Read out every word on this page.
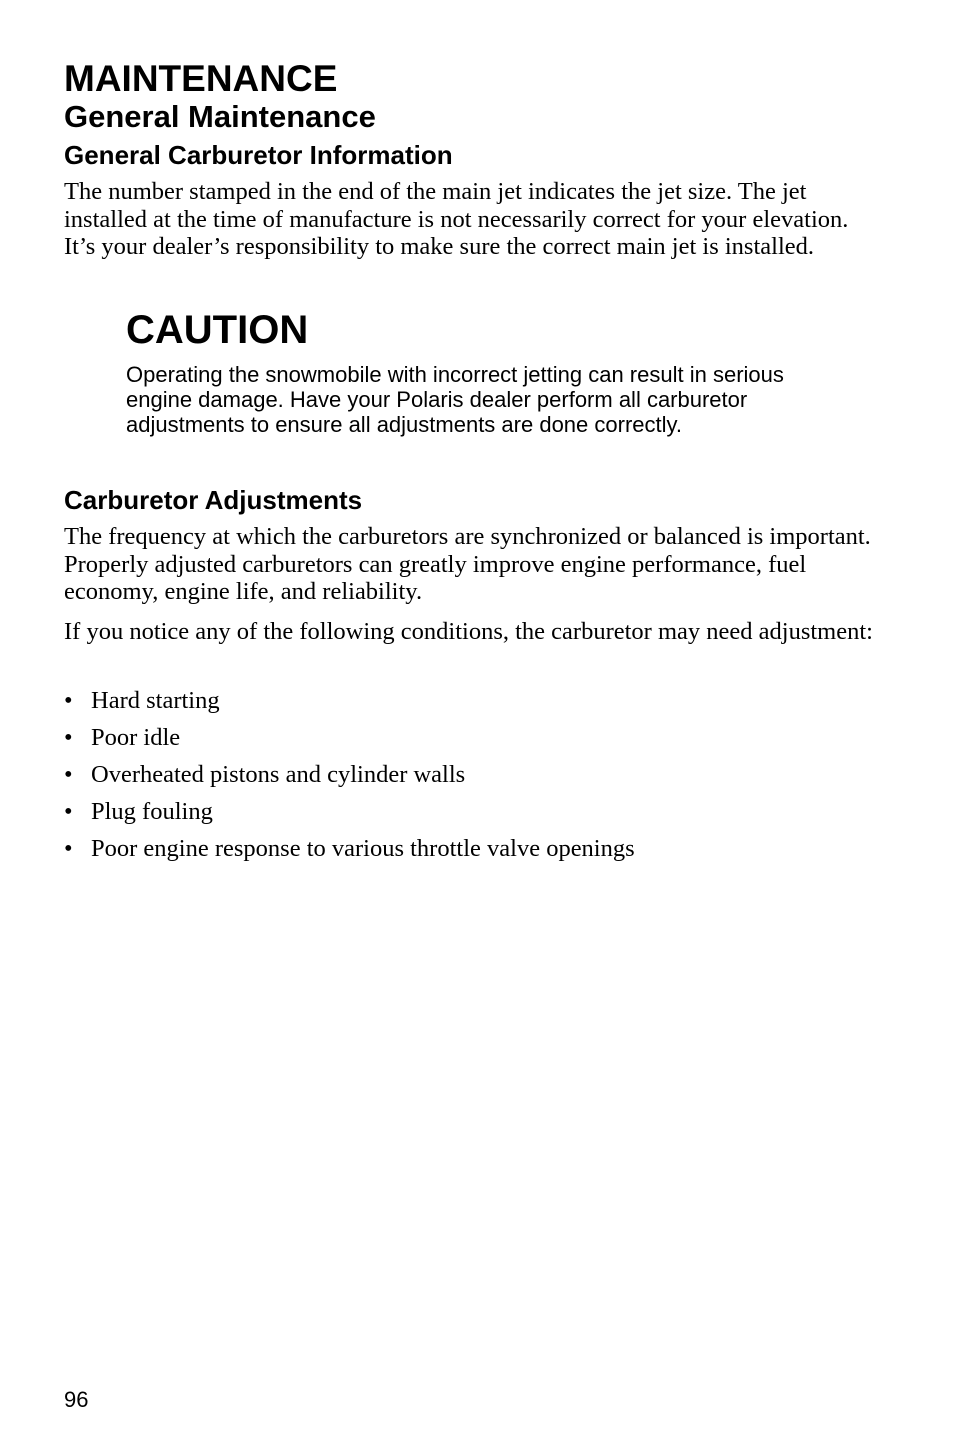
MAINTENANCE
General Maintenance
General Carburetor Information

The number stamped in the end of the main jet indicates the jet size. The jet installed at the time of manufacture is not necessarily correct for your elevation. It’s your dealer’s responsibility to make sure the correct main jet is installed.

CAUTION

Operating the snowmobile with incorrect jetting can result in serious engine damage. Have your Polaris dealer perform all carburetor adjustments to ensure all adjustments are done correctly.

Carburetor Adjustments

The frequency at which the carburetors are synchronized or balanced is important. Properly adjusted carburetors can greatly improve engine performance, fuel economy, engine life, and reliability.

If you notice any of the following conditions, the carburetor may need adjustment:

• Hard starting
• Poor idle
• Overheated pistons and cylinder walls
• Plug fouling
• Poor engine response to various throttle valve openings
96
